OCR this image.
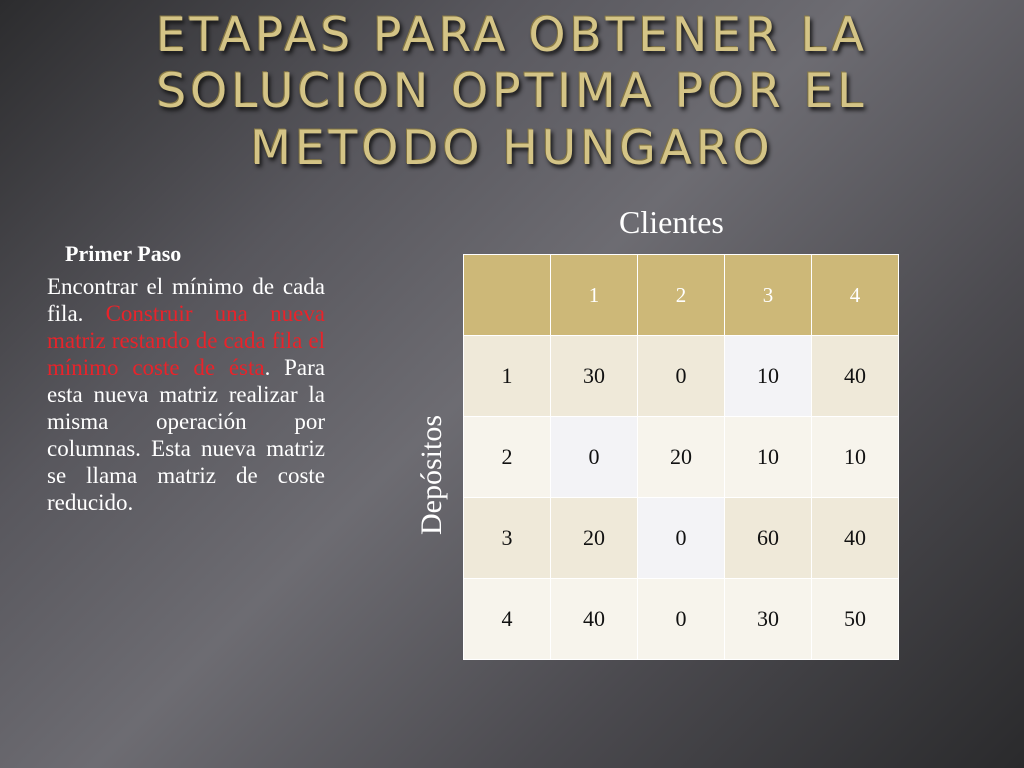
ETAPAS PARA OBTENER LA
SOLUCION OPTIMA POR EL
METODO HUNGARO

Primer Paso

Encontrar el mínimo de cada fila. Construir una nueva matriz restando de cada fila el mínimo coste de ésta. Para esta nueva matriz realizar la misma operación por columnas. Esta nueva matriz se llama matriz de coste reducido.

Clientes
Depósitos
	1	2	3	4
1	30	0	10	40
2	0	20	10	10
3	20	0	60	40
4	40	0	30	50
